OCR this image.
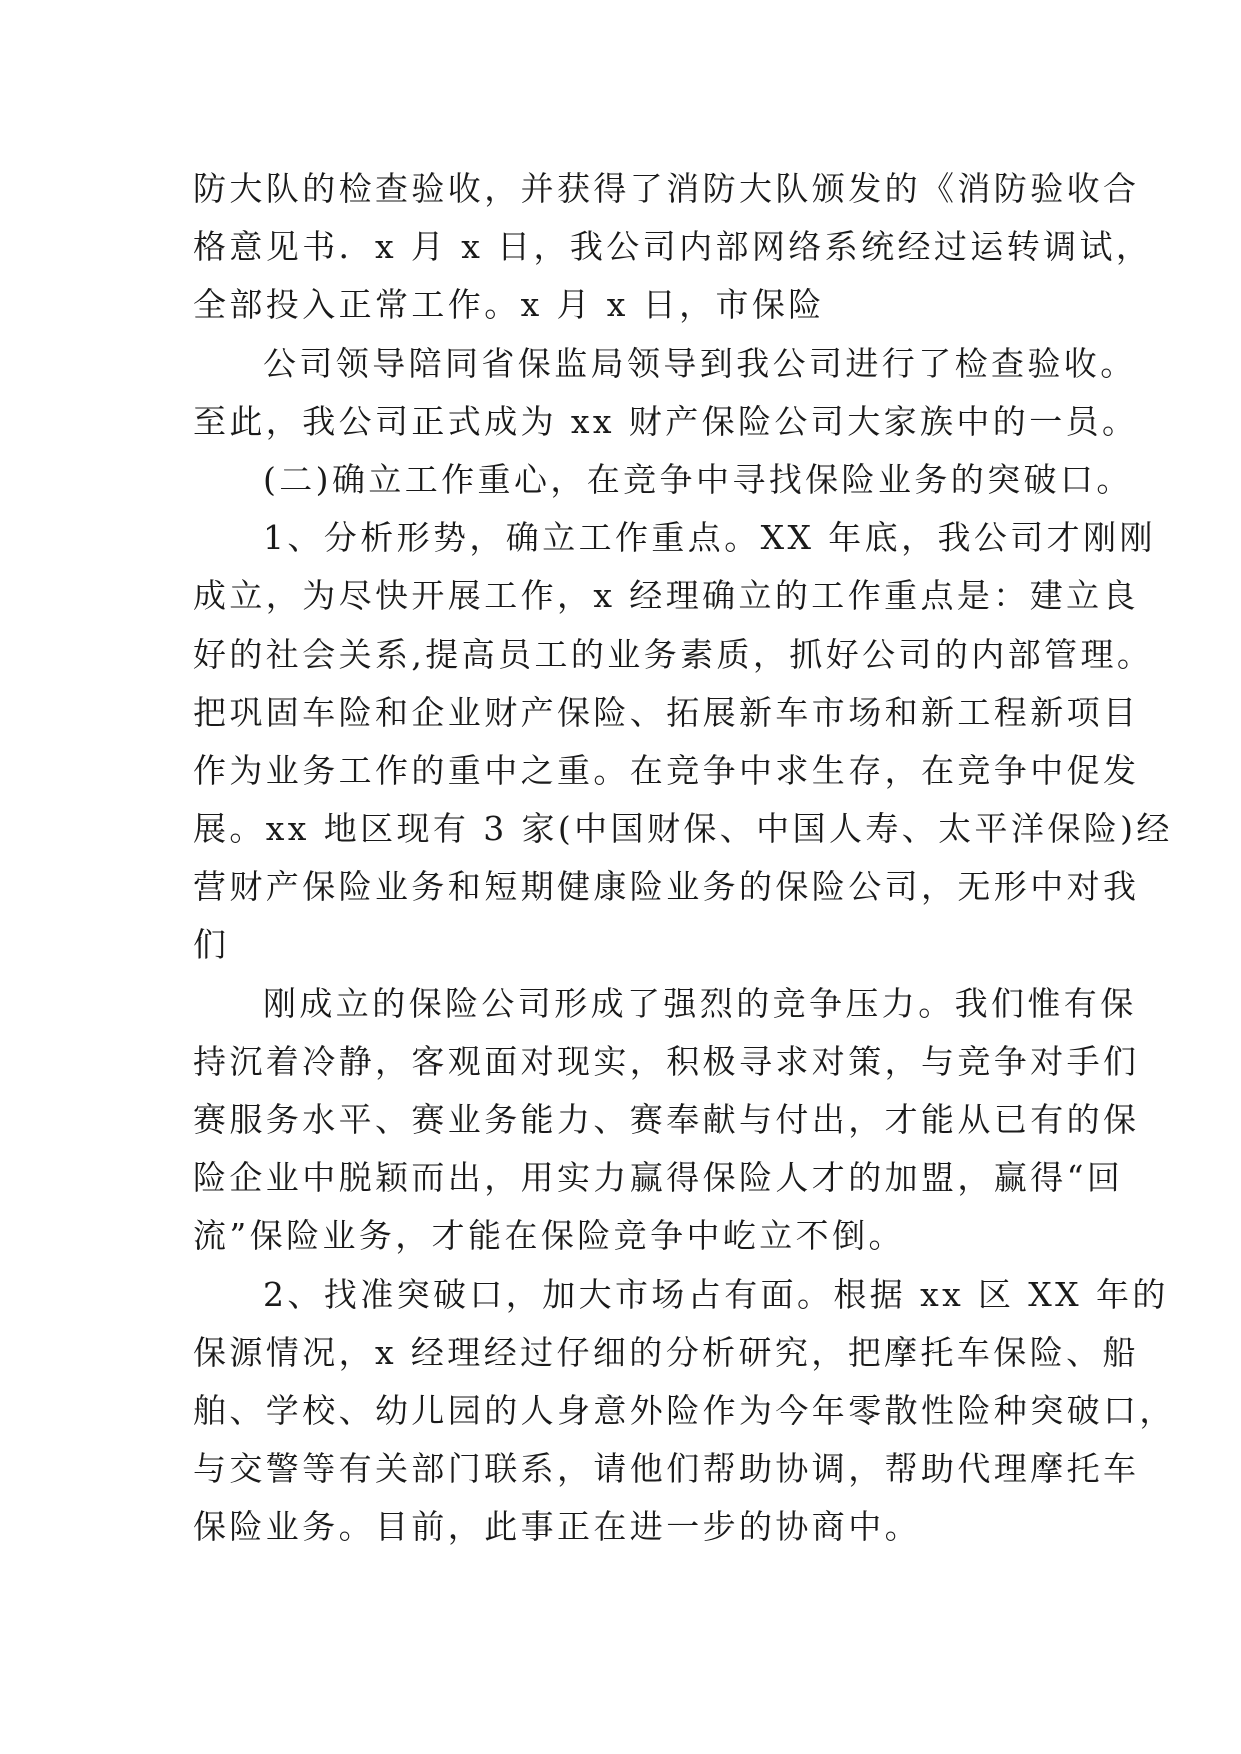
防大队的检查验收，并获得了消防大队颁发的《消防验收合
格意见书．x 月 x 日，我公司内部网络系统经过运转调试，
全部投入正常工作。x 月 x 日，市保险
公司领导陪同省保监局领导到我公司进行了检查验收。
至此，我公司正式成为 xx 财产保险公司大家族中的一员。
(二)确立工作重心，在竞争中寻找保险业务的突破口。
1、分析形势，确立工作重点。XX 年底，我公司才刚刚
成立，为尽快开展工作，x 经理确立的工作重点是：建立良
好的社会关系,提高员工的业务素质，抓好公司的内部管理。
把巩固车险和企业财产保险、拓展新车市场和新工程新项目
作为业务工作的重中之重。在竞争中求生存，在竞争中促发
展。xx 地区现有 3 家(中国财保、中国人寿、太平洋保险)经
营财产保险业务和短期健康险业务的保险公司，无形中对我
们
刚成立的保险公司形成了强烈的竞争压力。我们惟有保
持沉着冷静，客观面对现实，积极寻求对策，与竞争对手们
赛服务水平、赛业务能力、赛奉献与付出，才能从已有的保
险企业中脱颖而出，用实力赢得保险人才的加盟，赢得“回
流”保险业务，才能在保险竞争中屹立不倒。
2、找准突破口，加大市场占有面。根据 xx 区 XX 年的
保源情况，x 经理经过仔细的分析研究，把摩托车保险、船
舶、学校、幼儿园的人身意外险作为今年零散性险种突破口，
与交警等有关部门联系，请他们帮助协调，帮助代理摩托车
保险业务。目前，此事正在进一步的协商中。
